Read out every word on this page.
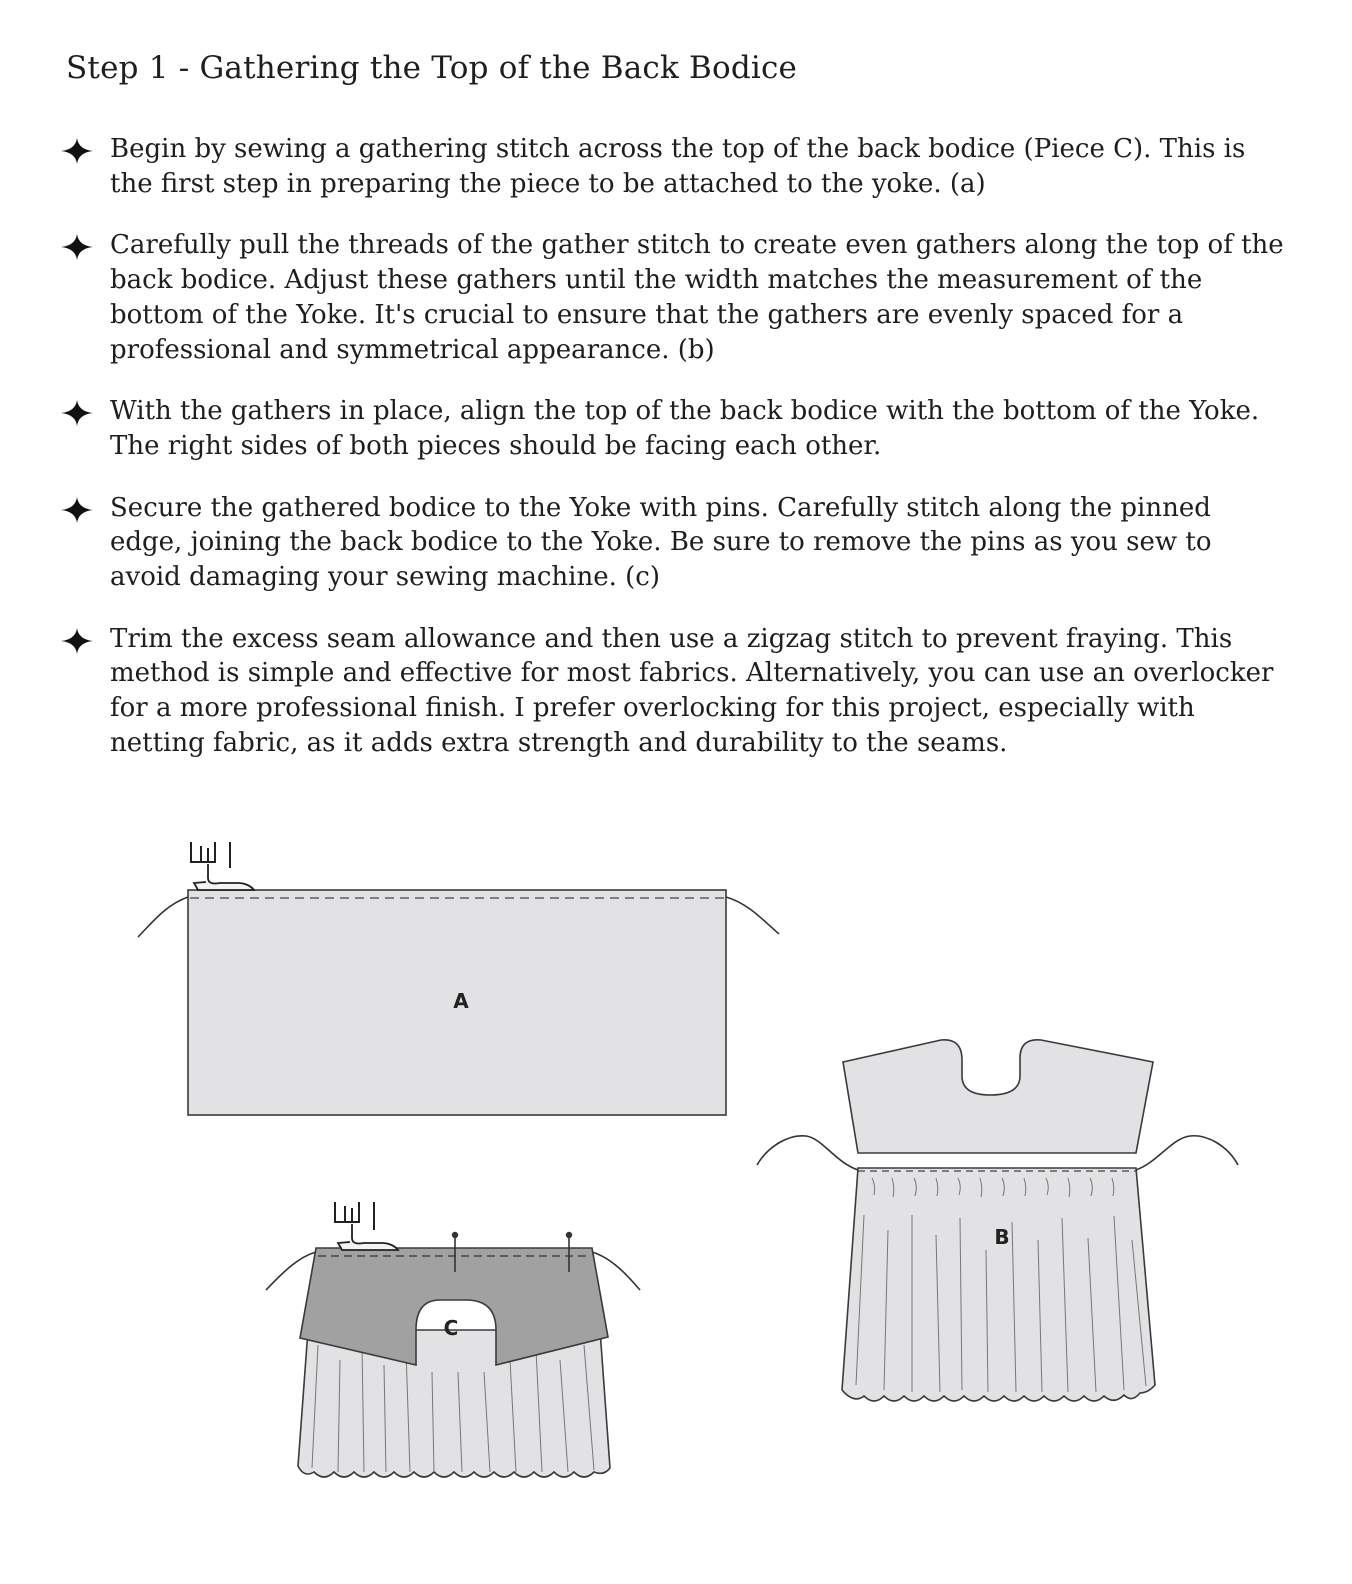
Step 1 - Gathering the Top of the Back Bodice
Begin by sewing a gathering stitch across the top of the back bodice (Piece C). This is the first step in preparing the piece to be attached to the yoke. (a)
Carefully pull the threads of the gather stitch to create even gathers along the top of the back bodice. Adjust these gathers until the width matches the measurement of the bottom of the Yoke. It's crucial to ensure that the gathers are evenly spaced for a professional and symmetrical appearance. (b)
With the gathers in place, align the top of the back bodice with the bottom of the Yoke. The right sides of both pieces should be facing each other.
Secure the gathered bodice to the Yoke with pins. Carefully stitch along the pinned edge, joining the back bodice to the Yoke. Be sure to remove the pins as you sew to avoid damaging your sewing machine. (c)
Trim the excess seam allowance and then use a zigzag stitch to prevent fraying. This method is simple and effective for most fabrics. Alternatively, you can use an overlocker for a more professional finish. I prefer overlocking for this project, especially with netting fabric, as it adds extra strength and durability to the seams.
A
B
C
